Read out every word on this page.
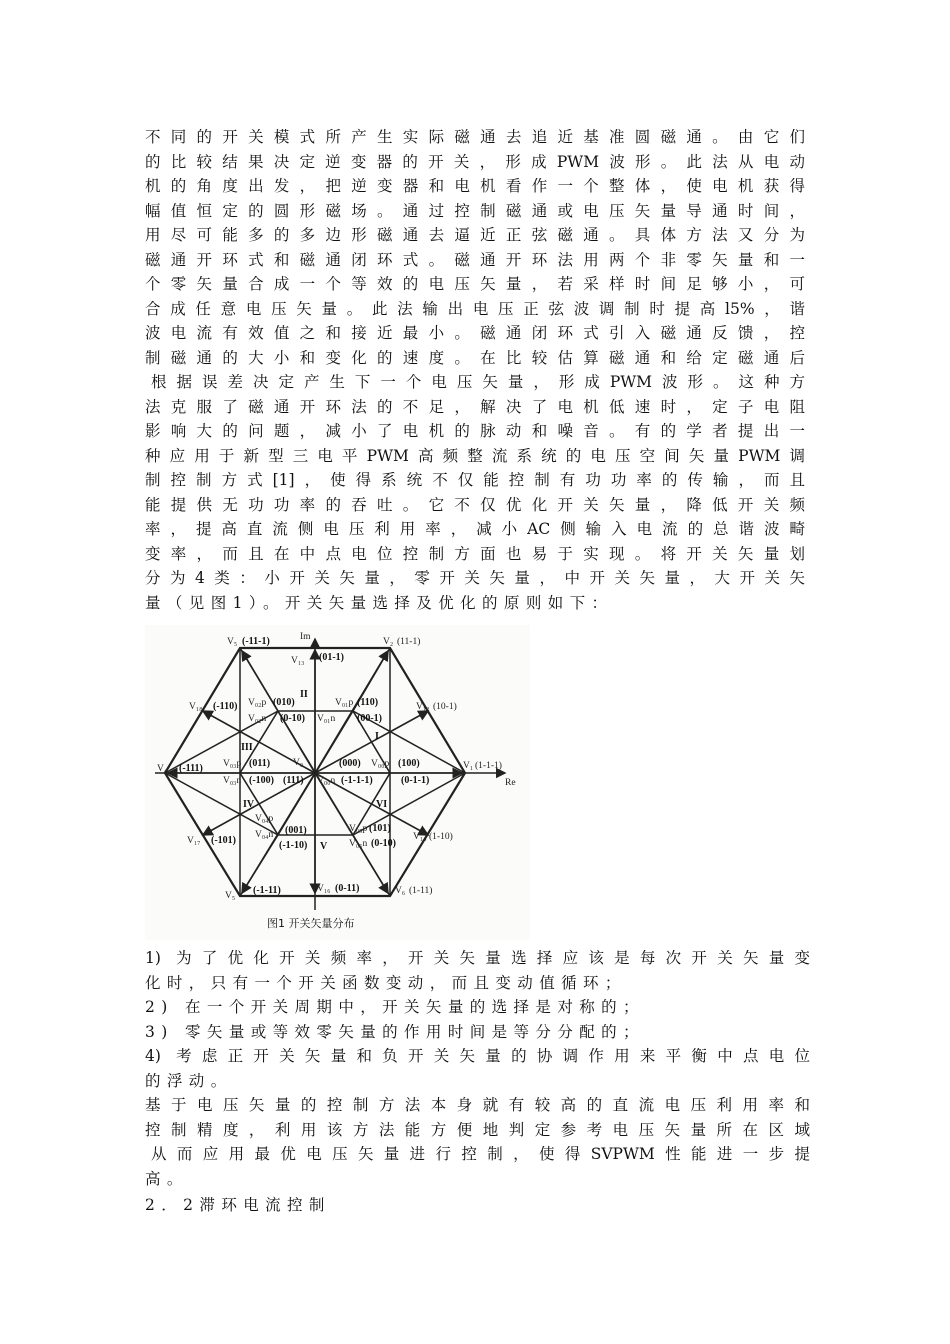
不同的开关模式所产生实际磁通去追近基准圆磁通。由它们
的比较结果决定逆变器的开关，形成PWM波形。此法从电动
机的角度出发，把逆变器和电机看作一个整体，使电机获得
幅值恒定的圆形磁场。通过控制磁通或电压矢量导通时间，
用尽可能多的多边形磁通去逼近正弦磁通。具体方法又分为
磁通开环式和磁通闭环式。磁通开环法用两个非零矢量和一
个零矢量合成一个等效的电压矢量，若采样时间足够小，可
合成任意电压矢量。此法输出电压正弦波调制时提高l5%，谐
波电流有效值之和接近最小。磁通闭环式引入磁通反馈，控
制磁通的大小和变化的速度。在比较估算磁通和给定磁通后
根据误差决定产生下一个电压矢量，形成PWM波形。这种方
法克服了磁通开环法的不足，解决了电机低速时，定子电阻
影响大的问题，减小了电机的脉动和噪音。有的学者提出一
种应用于新型三电平PWM高频整流系统的电压空间矢量PWM调
制控制方式[1]，使得系统不仅能控制有功功率的传输，而且
能提供无功功率的吞吐。它不仅优化开关矢量，降低开关频
率，提高直流侧电压利用率，减小AC侧输入电流的总谐波畸
变率，而且在中点电位控制方面也易于实现。将开关矢量划
分为4类：小开关矢量，零开关矢量，中开关矢量，大开关矢
量（见图1）。开关矢量选择及优化的原则如下：
Im
Re
V₅ (-11-1)	V₂ (11-1)
V₁₈ (-110)	V₁₂ (10-1)
V₄ (-111)	V₁ (1-1-1)
V₁₇ (-101)	V₁₄ (1-10)
V₅ (-1-11)	V₆ (1-11)
V₁₃ (01-1)
V₁₆ (0-11)
I
II
III
IV
V
VI
(010)	(110)
(0-10)	(00-1)
(011)
(-100) (111)
(000)	(100)
(-1-1-1)	(0-1-1)
(001)
(-1-10)
(101)
(0-10)
V₀
V₀₂p
V₀₂n
V₀₁p
V₀₁n
V₀₃p
V₀₃n
V₀₀p
V₀₀n
V₀₄p
V₀₄n
V₀₅p
V₀₅n
图1 开关矢量分布
1) 为了优化开关频率，开关矢量选择应该是每次开关矢量变
化时，只有一个开关函数变动，而且变动值循环；
2) 在一个开关周期中，开关矢量的选择是对称的；
3) 零矢量或等效零矢量的作用时间是等分分配的；
4) 考虑正开关矢量和负开关矢量的协调作用来平衡中点电位
的浮动。
基于电压矢量的控制方法本身就有较高的直流电压利用率和
控制精度，利用该方法能方便地判定参考电压矢量所在区域
从而应用最优电压矢量进行控制，使得SVPWM性能进一步提
高。
2．2滞环电流控制
